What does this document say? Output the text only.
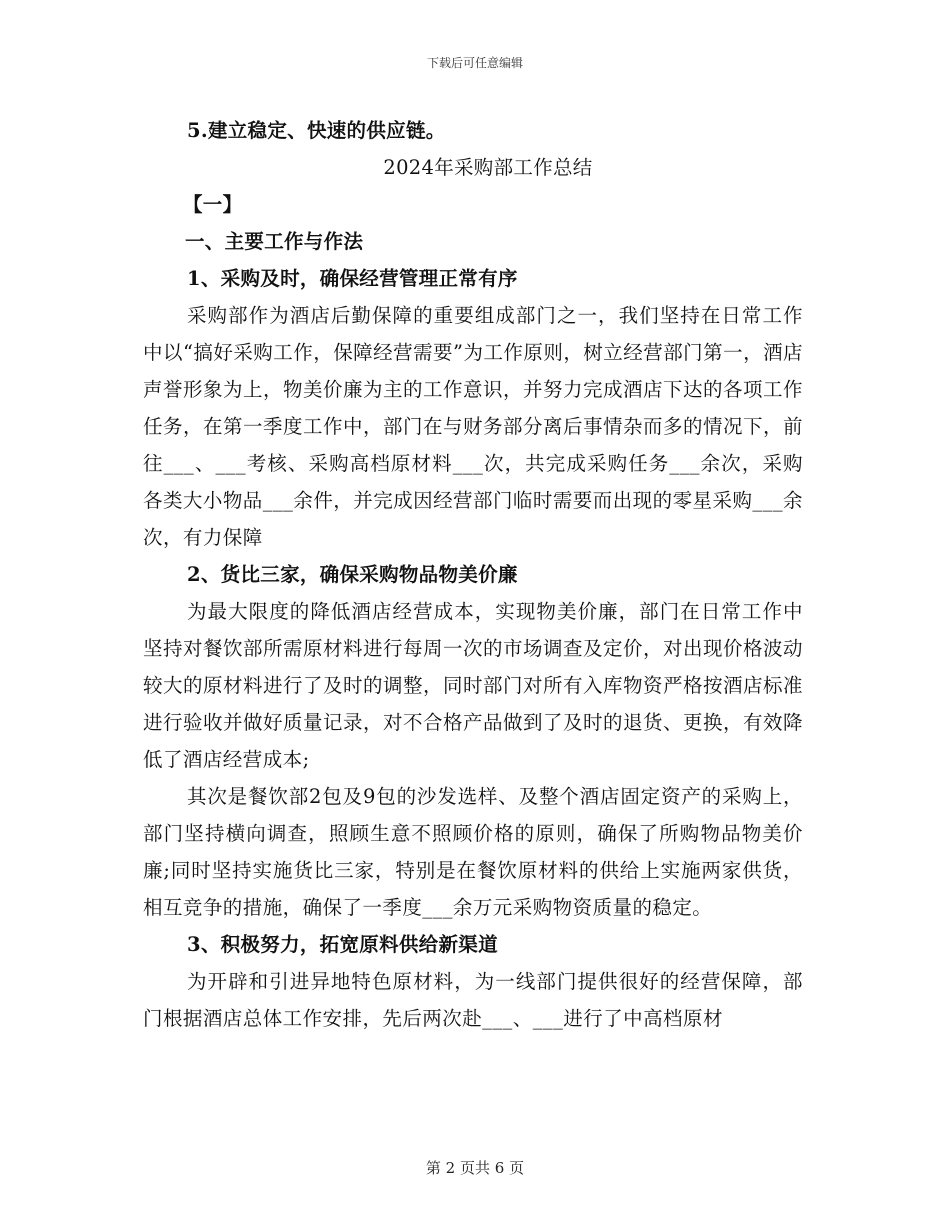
下载后可任意编辑
5.建立稳定、快速的供应链。
2024年采购部工作总结
【一】
一、主要工作与作法
1、采购及时，确保经营管理正常有序

采购部作为酒店后勤保障的重要组成部门之一，我们坚持在日常工作中以“搞好采购工作，保障经营需要”为工作原则，树立经营部门第一，酒店声誉形象为上，物美价廉为主的工作意识，并努力完成酒店下达的各项工作任务，在第一季度工作中，部门在与财务部分离后事情杂而多的情况下，前往___、___考核、采购高档原材料___次，共完成采购任务___余次，采购各类大小物品___余件，并完成因经营部门临时需要而出现的零星采购___余次，有力保障

2、货比三家，确保采购物品物美价廉

为最大限度的降低酒店经营成本，实现物美价廉，部门在日常工作中坚持对餐饮部所需原材料进行每周一次的市场调查及定价，对出现价格波动较大的原材料进行了及时的调整，同时部门对所有入库物资严格按酒店标准进行验收并做好质量记录，对不合格产品做到了及时的退货、更换，有效降低了酒店经营成本;

其次是餐饮部2包及9包的沙发选样、及整个酒店固定资产的采购上，部门坚持横向调查，照顾生意不照顾价格的原则，确保了所购物品物美价廉;同时坚持实施货比三家，特别是在餐饮原材料的供给上实施两家供货，相互竞争的措施，确保了一季度___余万元采购物资质量的稳定。

3、积极努力，拓宽原料供给新渠道

为开辟和引进异地特色原材料，为一线部门提供很好的经营保障，部门根据酒店总体工作安排，先后两次赴___、___进行了中高档原材

第 2 页共 6 页
